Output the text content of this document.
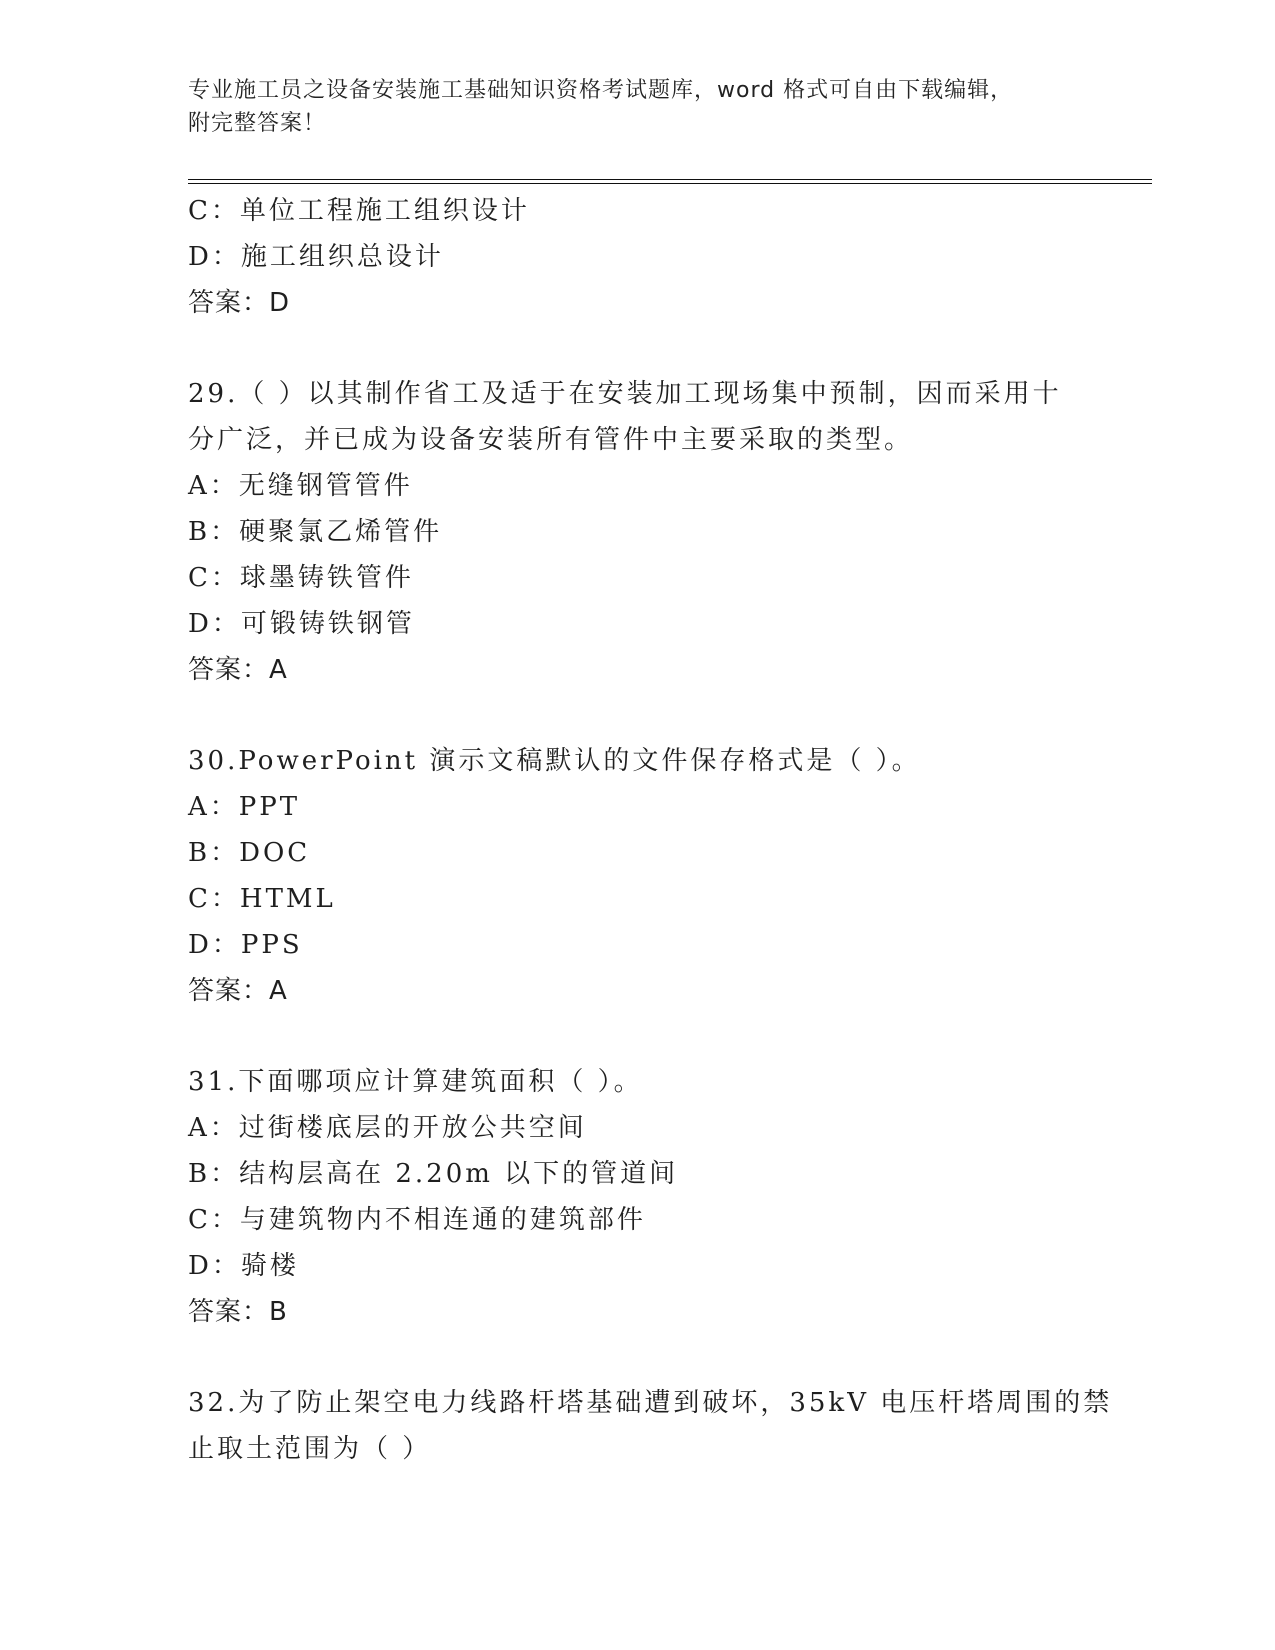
专业施工员之设备安装施工基础知识资格考试题库，word 格式可自由下载编辑，
附完整答案！
C：单位工程施工组织设计
D：施工组织总设计
答案：D
29.（ ）以其制作省工及适于在安装加工现场集中预制，因而采用十
分广泛，并已成为设备安装所有管件中主要采取的类型。
A：无缝钢管管件
B：硬聚氯乙烯管件
C：球墨铸铁管件
D：可锻铸铁钢管
答案：A
30.PowerPoint 演示文稿默认的文件保存格式是（ ）。
A：PPT
B：DOC
C：HTML
D：PPS
答案：A
31.下面哪项应计算建筑面积（ ）。
A：过街楼底层的开放公共空间
B：结构层高在 2.20m 以下的管道间
C：与建筑物内不相连通的建筑部件
D：骑楼
答案：B
32.为了防止架空电力线路杆塔基础遭到破坏，35kV 电压杆塔周围的禁
止取土范围为（ ）
